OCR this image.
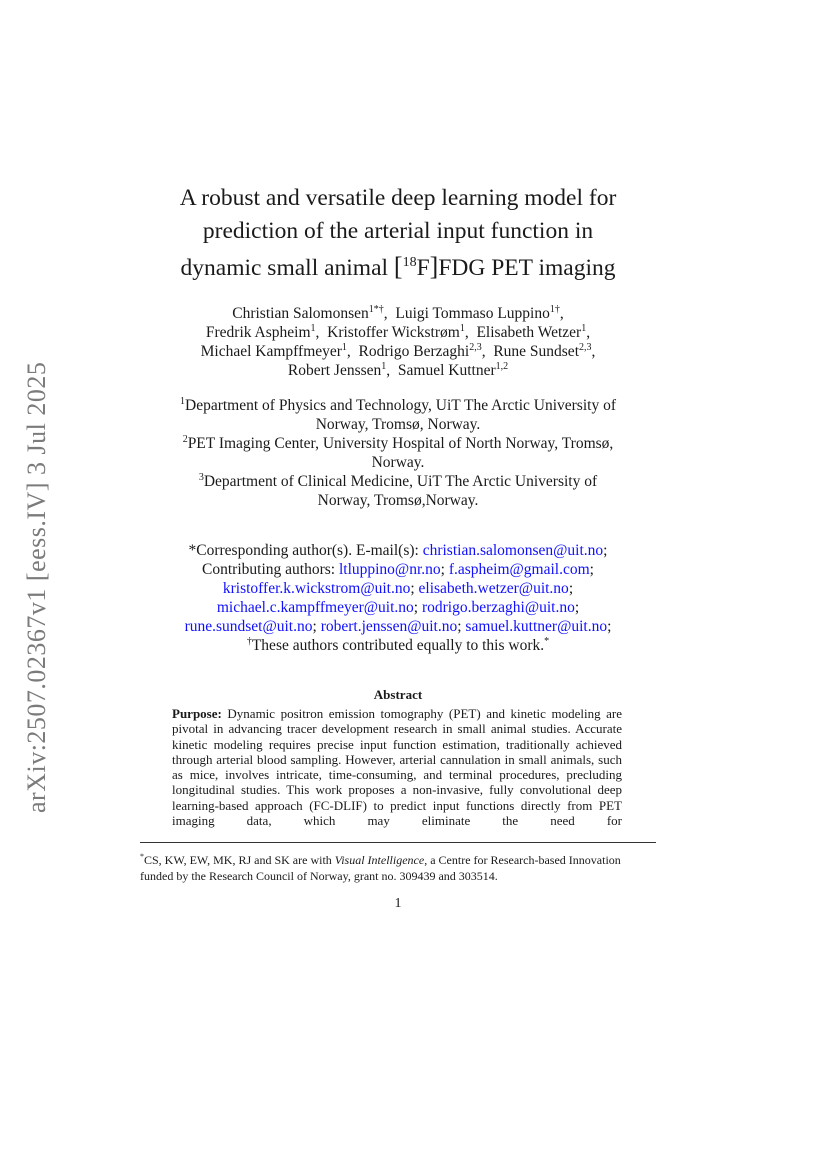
arXiv:2507.02367v1 [eess.IV] 3 Jul 2025
A robust and versatile deep learning model for
prediction of the arterial input function in
dynamic small animal [$^{18}$F]FDG PET imaging
Christian Salomonsen$^{1*\dagger}$,  Luigi Tommaso Luppino$^{1\dagger}$,
Fredrik Aspheim$^1$,  Kristoffer Wickstrøm$^1$,  Elisabeth Wetzer$^1$,
Michael Kampffmeyer$^1$,  Rodrigo Berzaghi$^{2,3}$,  Rune Sundset$^{2,3}$,
Robert Jenssen$^1$,  Samuel Kuttner$^{1,2}$
$^1$Department of Physics and Technology, UiT The Arctic University of
Norway, Tromsø, Norway.
$^2$PET Imaging Center, University Hospital of North Norway, Tromsø,
Norway.
$^3$Department of Clinical Medicine, UiT The Arctic University of
Norway, Tromsø,Norway.
*Corresponding author(s). E-mail(s): christian.salomonsen@uit.no;
Contributing authors: ltluppino@nr.no; f.aspheim@gmail.com;
kristoffer.k.wickstrom@uit.no; elisabeth.wetzer@uit.no;
michael.c.kampffmeyer@uit.no; rodrigo.berzaghi@uit.no;
rune.sundset@uit.no; robert.jenssen@uit.no; samuel.kuttner@uit.no;
†These authors contributed equally to this work.*
Abstract
Purpose: Dynamic positron emission tomography (PET) and kinetic modeling are pivotal in advancing tracer development research in small animal studies. Accurate kinetic modeling requires precise input function estimation, traditionally achieved through arterial blood sampling. However, arterial cannulation in small animals, such as mice, involves intricate, time-consuming, and terminal procedures, precluding longitudinal studies. This work proposes a non-invasive, fully convolutional deep learning-based approach (FC-DLIF) to predict input functions directly from PET imaging data, which may eliminate the need for
*CS, KW, EW, MK, RJ and SK are with Visual Intelligence, a Centre for Research-based Innovation funded by the Research Council of Norway, grant no. 309439 and 303514.
1
